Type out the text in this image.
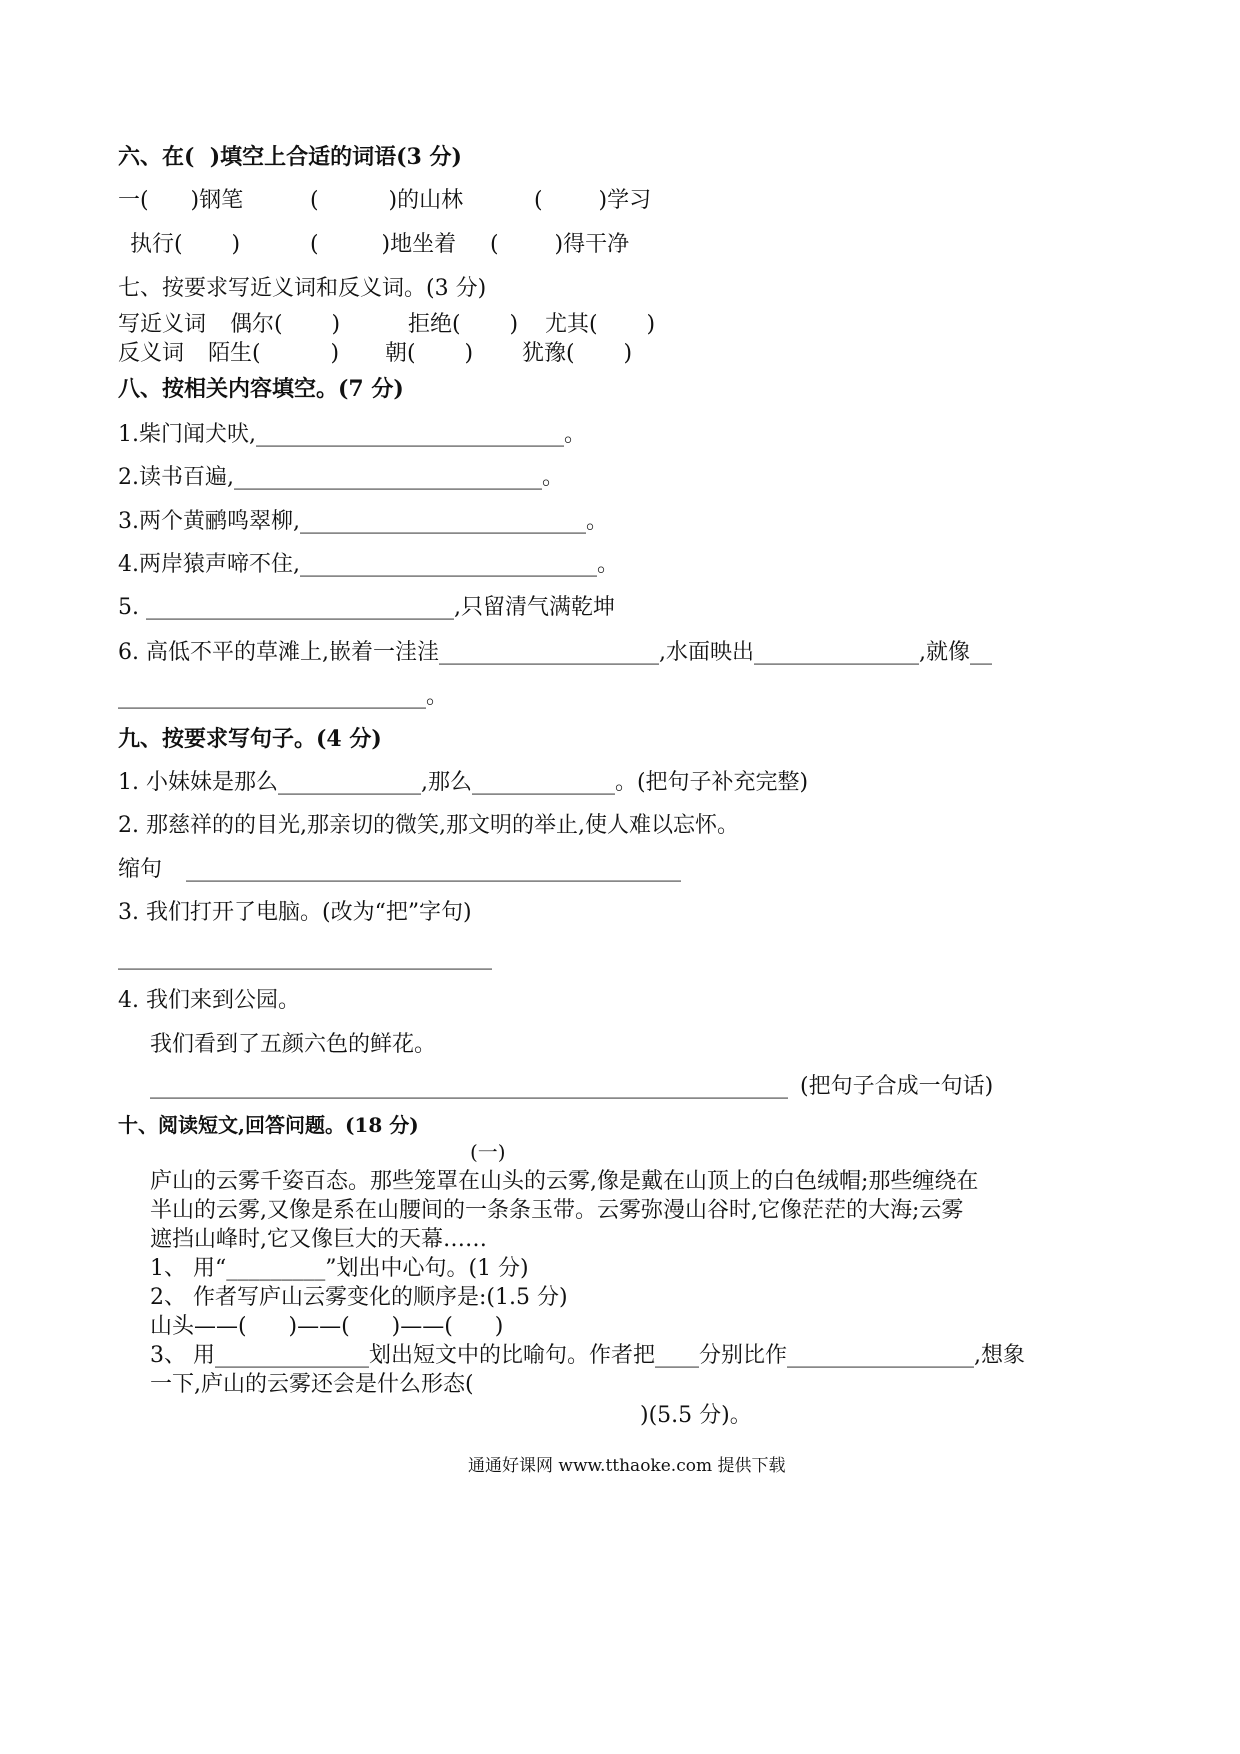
六、在(  )填空上合适的词语(3 分)
一(      )钢笔	(          )的山林	(        )学习
执行(       )	(         )地坐着 (        )得干净
七、按要求写近义词和反义词。(3 分)
写近义词 偶尔(       )	拒绝(       ) 尤其(       )
反义词 陌生(          ) 朝(       ) 犹豫(       )
八、按相关内容填空。(7 分)
1.柴门闻犬吠,____________________________。
2.读书百遍,____________________________。
3.两个黄鹂鸣翠柳,__________________________。
4.两岸猿声啼不住,___________________________。
5. ____________________________,只留清气满乾坤
6. 高低不平的草滩上,嵌着一洼洼____________________,水面映出_______________,就像__
____________________________。
九、按要求写句子。(4 分)
1. 小妹妹是那么_____________,那么_____________。(把句子补充完整)
2. 那慈祥的的目光,那亲切的微笑,那文明的举止,使人难以忘怀。
缩句 _____________________________________________
3. 我们打开了电脑。(改为“把”字句)
__________________________________
4. 我们来到公园。
我们看到了五颜六色的鲜花。
__________________________________________________________ (把句子合成一句话)
十、阅读短文,回答问题。(18 分)
(一)
庐山的云雾千姿百态。那些笼罩在山头的云雾,像是戴在山顶上的白色绒帽;那些缠绕在
半山的云雾,又像是系在山腰间的一条条玉带。云雾弥漫山谷时,它像茫茫的大海;云雾
遮挡山峰时,它又像巨大的天幕……
1、 用“_________”划出中心句。(1 分)
2、 作者写庐山云雾变化的顺序是:(1.5 分)
山头——(      )——(      )——(      )
3、 用______________划出短文中的比喻句。作者把____分别比作_________________,想象
一下,庐山的云雾还会是什么形态(
)(5.5 分)。
通通好课网 www.tthaoke.com 提供下载
